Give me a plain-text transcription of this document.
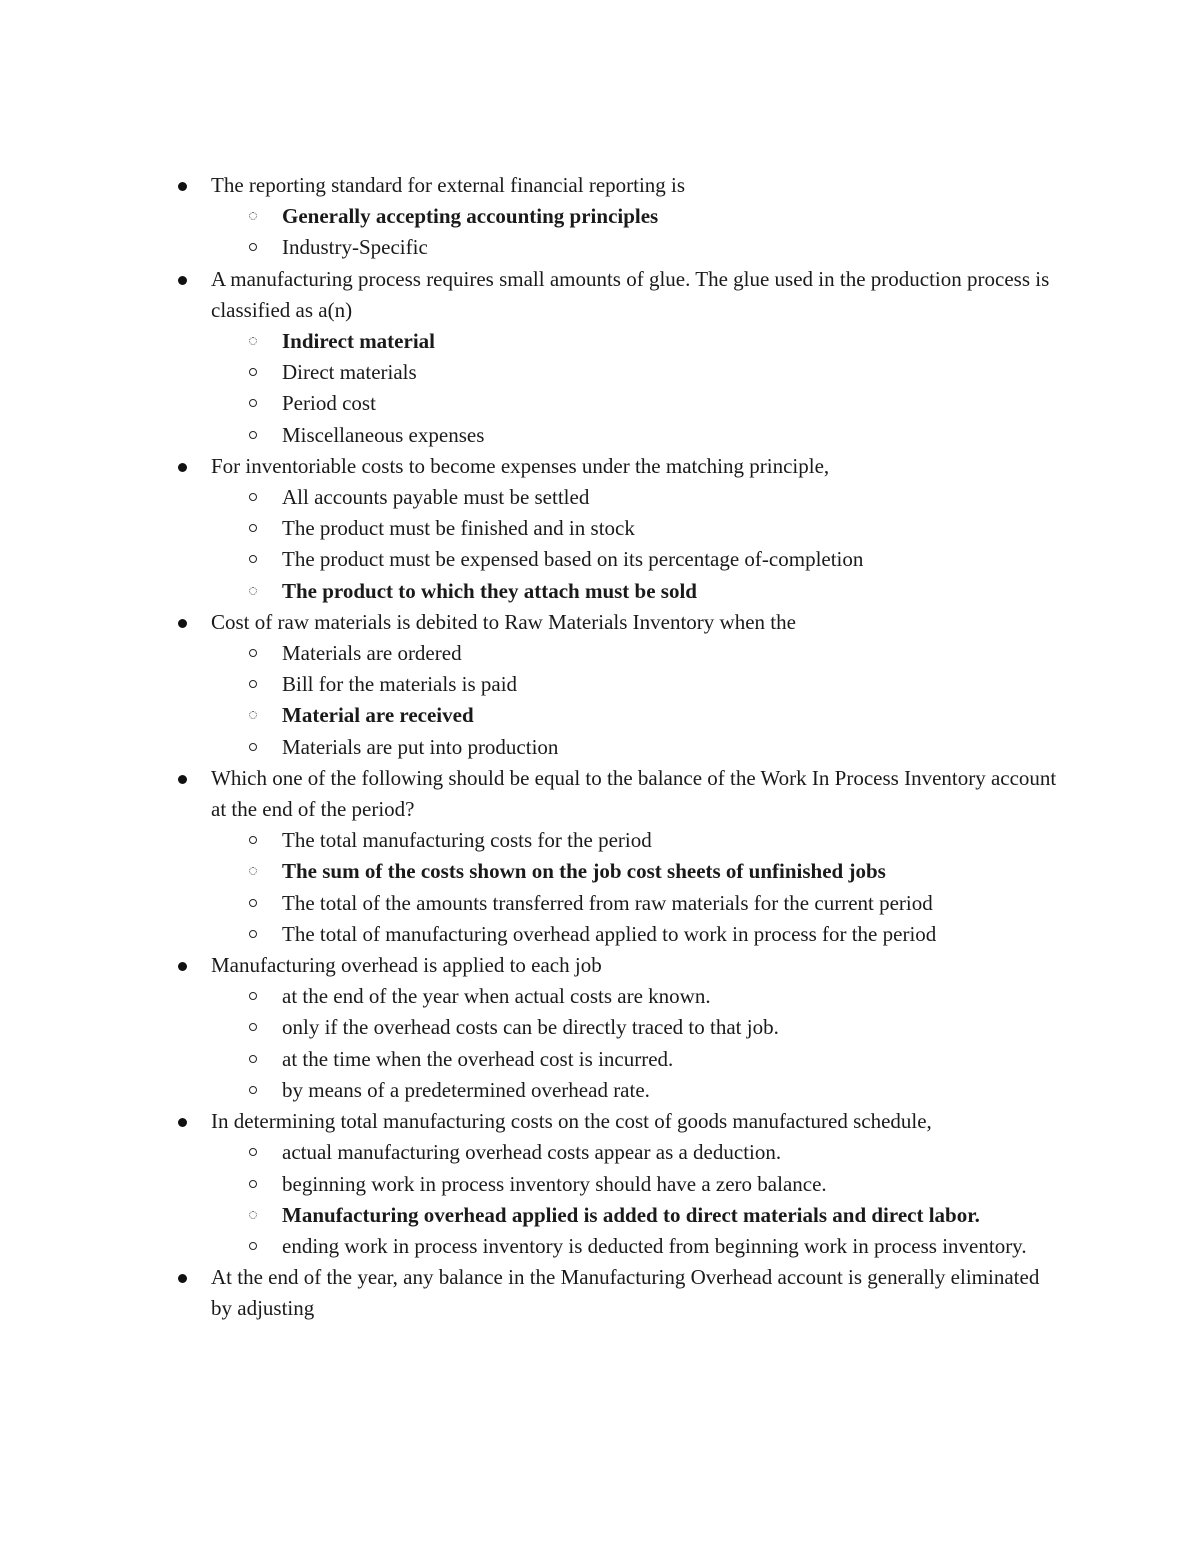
The reporting standard for external financial reporting is
Generally accepting accounting principles
Industry-Specific
A manufacturing process requires small amounts of glue. The glue used in the production process is classified as a(n)
Indirect material
Direct materials
Period cost
Miscellaneous expenses
For inventoriable costs to become expenses under the matching principle,
All accounts payable must be settled
The product must be finished and in stock
The product must be expensed based on its percentage of-completion
The product to which they attach must be sold
Cost of raw materials is debited to Raw Materials Inventory when the
Materials are ordered
Bill for the materials is paid
Material are received
Materials are put into production
Which one of the following should be equal to the balance of the Work In Process Inventory account at the end of the period?
The total manufacturing costs for the period
The sum of the costs shown on the job cost sheets of unfinished jobs
The total of the amounts transferred from raw materials for the current period
The total of manufacturing overhead applied to work in process for the period
Manufacturing overhead is applied to each job
at the end of the year when actual costs are known.
only if the overhead costs can be directly traced to that job.
at the time when the overhead cost is incurred.
by means of a predetermined overhead rate.
In determining total manufacturing costs on the cost of goods manufactured schedule,
actual manufacturing overhead costs appear as a deduction.
beginning work in process inventory should have a zero balance.
Manufacturing overhead applied is added to direct materials and direct labor.
ending work in process inventory is deducted from beginning work in process inventory.
At the end of the year, any balance in the Manufacturing Overhead account is generally eliminated by adjusting
